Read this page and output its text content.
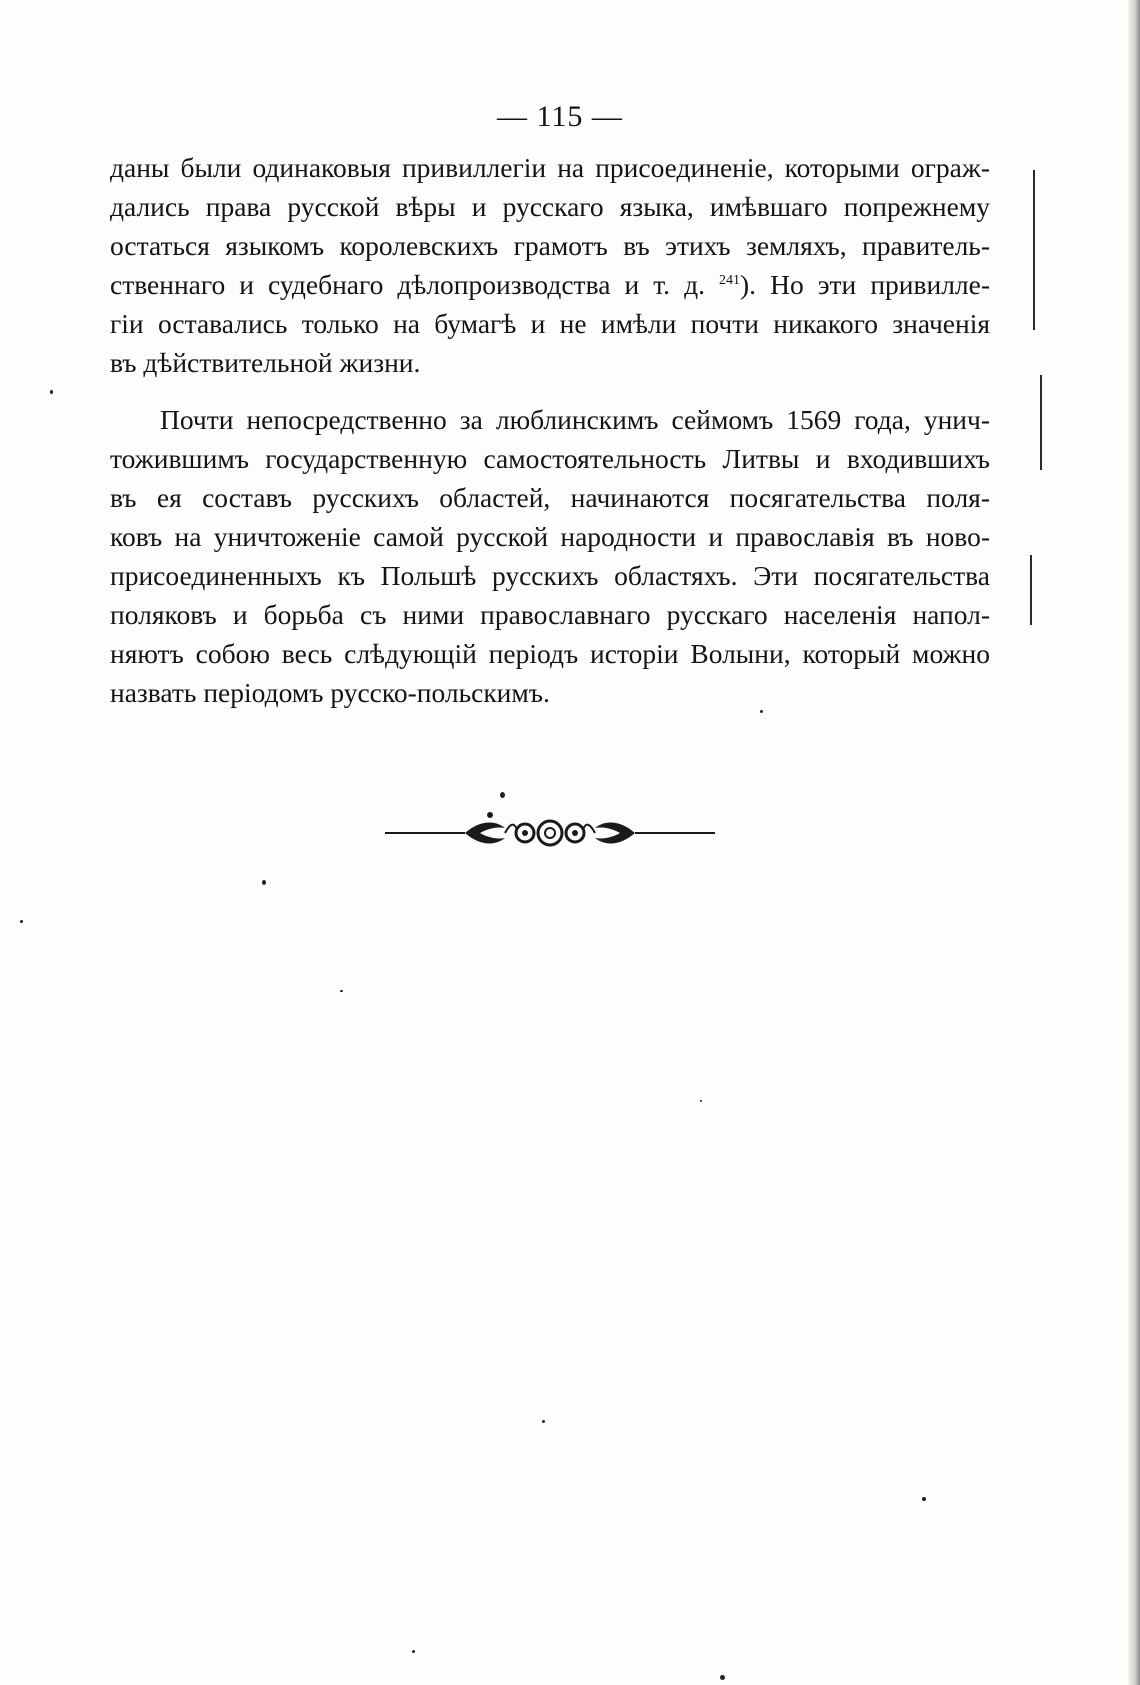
— 115 —
даны были одинаковыя привиллегіи на присоединеніе, которыми ограж-
дались права русской вѣры и русскаго языка, имѣвшаго попрежнему
остаться языкомъ королевскихъ грамотъ въ этихъ земляхъ, правитель-
ственнаго и судебнаго дѣлопроизводства и т. д. $^{241}$). Но эти привилле-
гіи оставались только на бумагѣ и не имѣли почти никакого значенія
въ дѣйствительной жизни.
Почти непосредственно за люблинскимъ сеймомъ 1569 года, унич-
тожившимъ государственную самостоятельность Литвы и входившихъ
въ ея составъ русскихъ областей, начинаются посягательства поля-
ковъ на уничтоженіе самой русской народности и православія въ ново-
присоединенныхъ къ Польшѣ русскихъ областяхъ. Эти посягательства
поляковъ и борьба съ ними православнаго русскаго населенія напол-
няютъ собою весь слѣдующій періодъ исторіи Волыни, который можно
назвать періодомъ русско-польскимъ.
